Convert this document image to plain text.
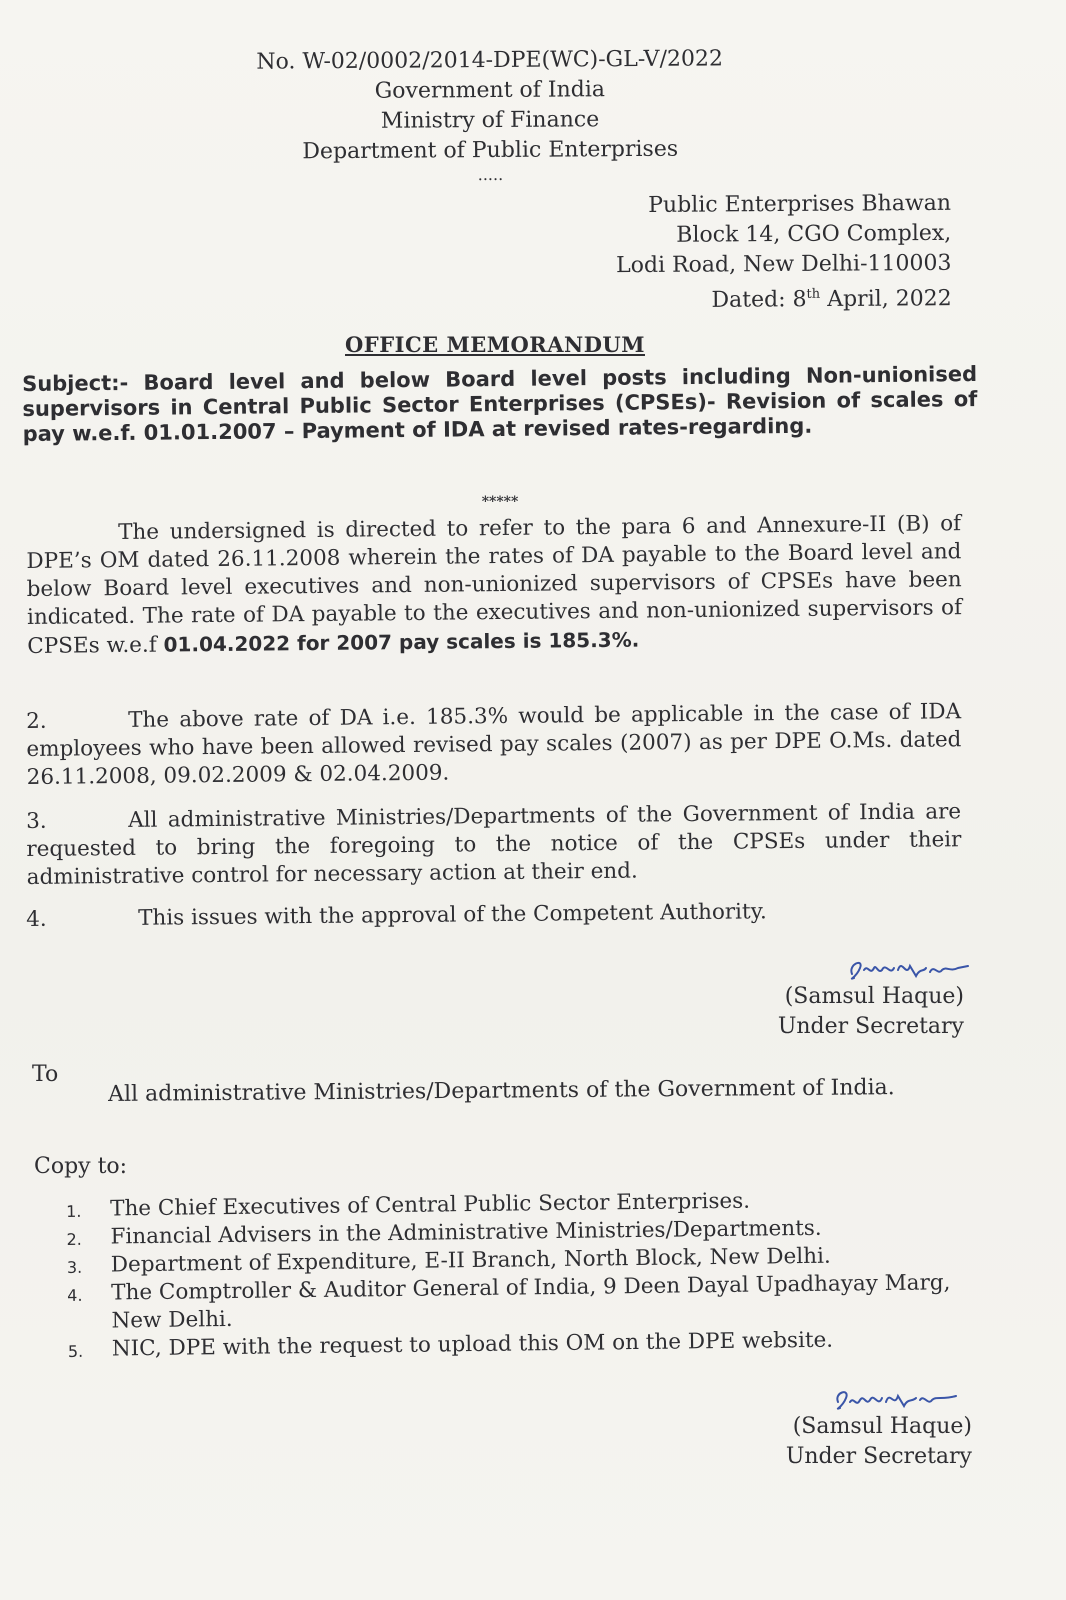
No. W-02/0002/2014-DPE(WC)-GL-V/2022
Government of India
Ministry of Finance
Department of Public Enterprises
.....
Public Enterprises Bhawan
Block 14, CGO Complex,
Lodi Road, New Delhi-110003
Dated: 8th April, 2022
OFFICE MEMORANDUM
Subject:- Board level and below Board level posts including Non-unionised supervisors in Central Public Sector Enterprises (CPSEs)- Revision of scales of pay w.e.f. 01.01.2007 – Payment of IDA at revised rates-regarding.
*****
The undersigned is directed to refer to the para 6 and Annexure-II (B) of DPE’s OM dated 26.11.2008 wherein the rates of DA payable to the Board level and below Board level executives and non-unionized supervisors of CPSEs have been indicated. The rate of DA payable to the executives and non-unionized supervisors of CPSEs w.e.f 01.04.2022 for 2007 pay scales is 185.3%.
2.	The above rate of DA i.e. 185.3% would be applicable in the case of IDA employees who have been allowed revised pay scales (2007) as per DPE O.Ms. dated 26.11.2008, 09.02.2009 & 02.04.2009.
3.	All administrative Ministries/Departments of the Government of India are requested to bring the foregoing to the notice of the CPSEs under their administrative control for necessary action at their end.
4.	This issues with the approval of the Competent Authority.
(Samsul Haque)
Under Secretary
To
All administrative Ministries/Departments of the Government of India.
Copy to:
1. The Chief Executives of Central Public Sector Enterprises.
2. Financial Advisers in the Administrative Ministries/Departments.
3. Department of Expenditure, E-II Branch, North Block, New Delhi.
4. The Comptroller & Auditor General of India, 9 Deen Dayal Upadhayay Marg, New Delhi.
5. NIC, DPE with the request to upload this OM on the DPE website.
(Samsul Haque)
Under Secretary
